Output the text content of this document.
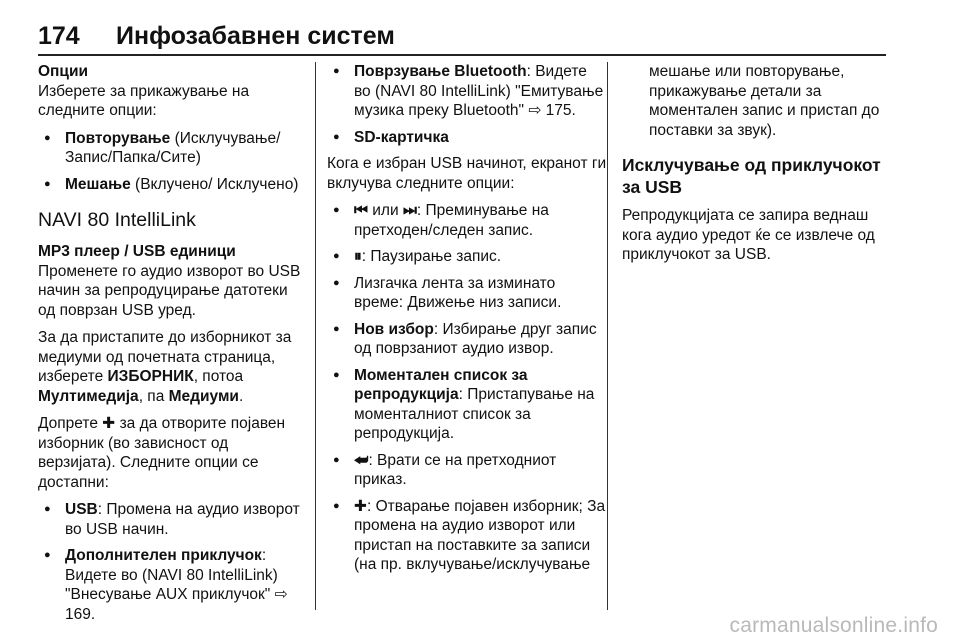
174 Инфозабавнен систем

Опции

Изберете за прикажување на следните опции:

● Повторување (Исклучување/ Запис/Папка/Сите)
● Мешање (Вклучено/ Исклучено)
NAVI 80 IntelliLink

MP3 плеер / USB единици

Променете го аудио изворот во USB начин за репродуцирање датотеки од поврзан USB уред.

За да пристапите до изборникот за медиуми од почетната страница, изберете ИЗБОРНИК, потоа Мултимедија, па Медиуми.

Допрете ✚ за да отворите појавен изборник (во зависност од верзијата). Следните опции се достапни:

● USB: Промена на аудио изворот во USB начин.
● Дополнителен приклучок: Видете во (NAVI 80 IntelliLink) "Внесување AUX приклучок" ⇨ 169.
● Поврзување Bluetooth: Видете во (NAVI 80 IntelliLink) "Емитување музика преку Bluetooth" ⇨ 175.
● SD-картичка

Кога е избран USB начинот, екранот ги вклучува следните опции:

● ⏮ или ⏭: Преминување на претходен/следен запис.
● ⏸: Паузирање запис.
● Лизгачка лента за изминато време: Движење низ записи.
● Нов избор: Избирање друг запис од поврзаниот аудио извор.
● Моментален список за репродукција: Пристапување на моменталниот список за репродукција.
● ⮨: Врати се на претходниот приказ.
● ✚: Отварање појавен изборник; За промена на аудио изворот или пристап на поставките за записи (на пр. вклучување/исклучување

мешање или повторување, прикажување детали за моментален запис и пристап до поставки за звук).

Исклучување од приклучокот за USB

Репродукцијата се запира веднаш кога аудио уредот ќе се извлече од приклучокот за USB.

carmanualsonline.info
